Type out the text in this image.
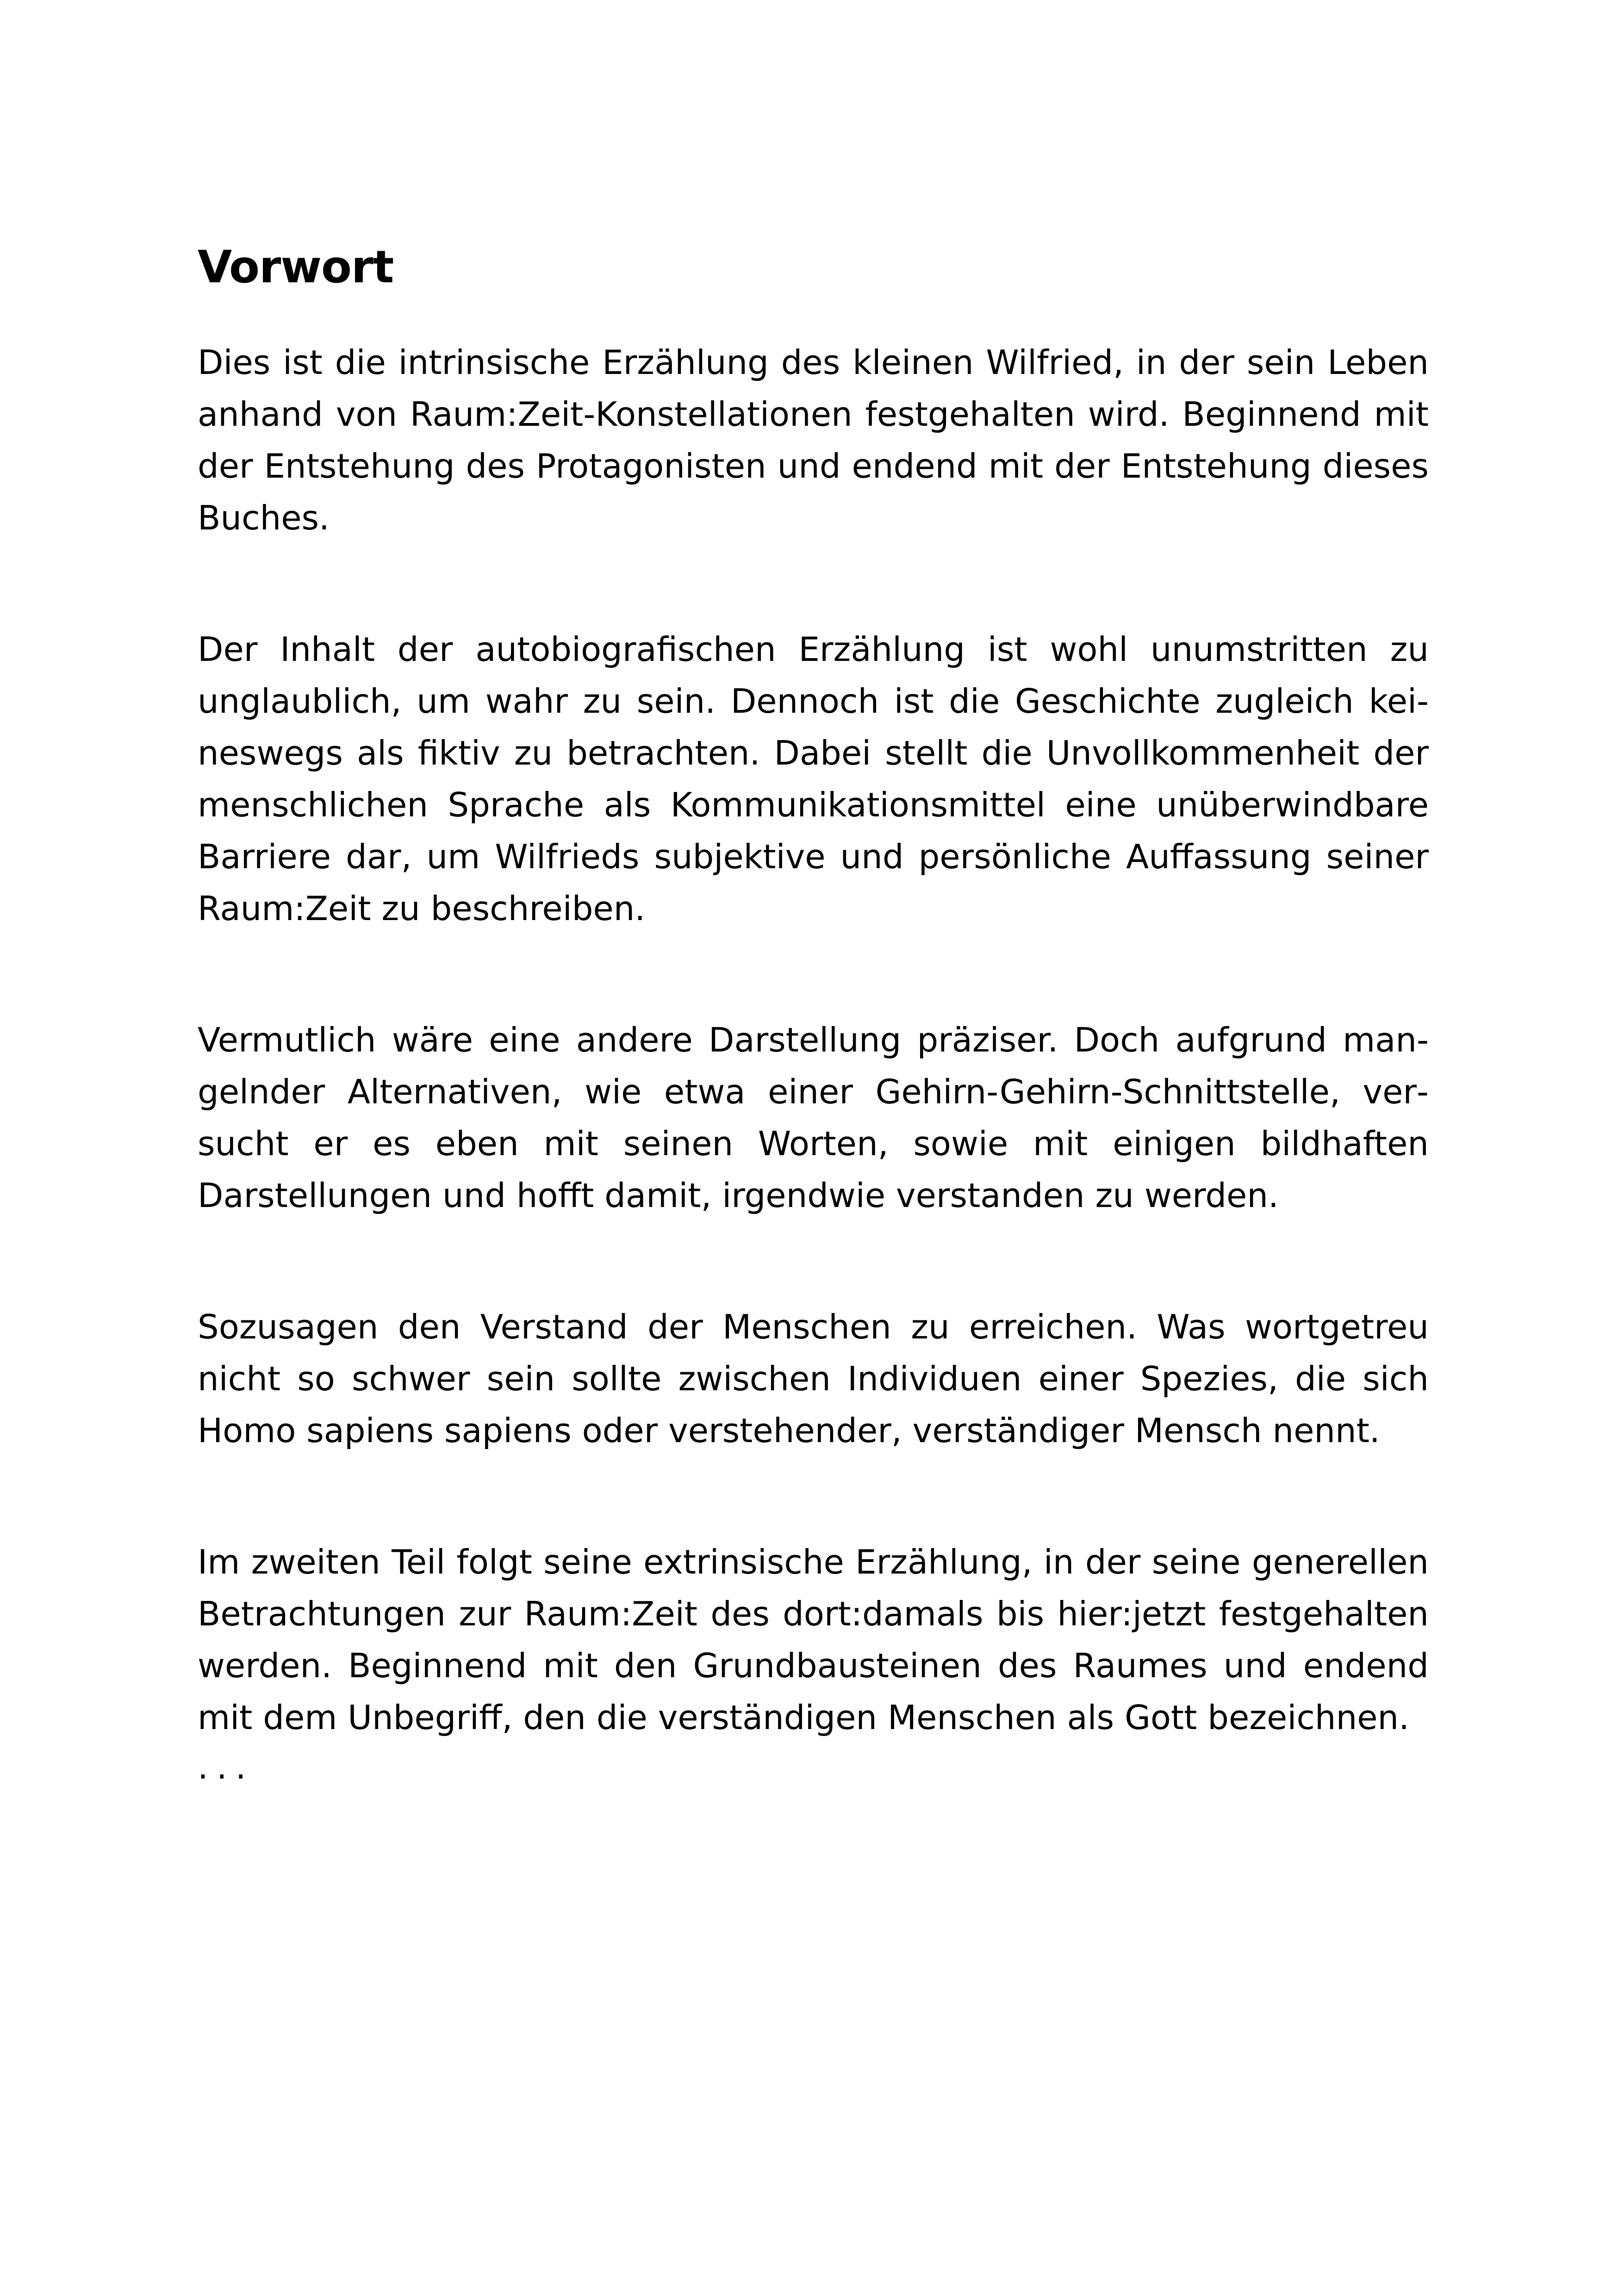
Vorwort

Dies ist die intrinsische Erzählung des kleinen Wilfried, in der sein Leben anhand von Raum:Zeit-Konstellationen festgehalten wird. Beginnend mit der Entstehung des Protagonisten und endend mit der Entstehung dieses Buches.

Der Inhalt der autobiografischen Erzählung ist wohl unumstritten zu unglaublich, um wahr zu sein. Dennoch ist die Geschichte zugleich keineswegs als fiktiv zu betrachten. Dabei stellt die Unvollkommenheit der menschlichen Sprache als Kommunikationsmittel eine unüberwindbare Barriere dar, um Wilfrieds subjektive und persönliche Auffassung seiner Raum:Zeit zu beschreiben.

Vermutlich wäre eine andere Darstellung präziser. Doch aufgrund mangelnder Alternativen, wie etwa einer Gehirn-Gehirn-Schnittstelle, versucht er es eben mit seinen Worten, sowie mit einigen bildhaften Darstellungen und hofft damit, irgendwie verstanden zu werden.

Sozusagen den Verstand der Menschen zu erreichen. Was wortgetreu nicht so schwer sein sollte zwischen Individuen einer Spezies, die sich Homo sapiens sapiens oder verstehender, verständiger Mensch nennt.

Im zweiten Teil folgt seine extrinsische Erzählung, in der seine generellen Betrachtungen zur Raum:Zeit des dort:damals bis hier:jetzt festgehalten werden. Beginnend mit den Grundbausteinen des Raumes und endend mit dem Unbegriff, den die verständigen Menschen als Gott bezeichnen.

...
